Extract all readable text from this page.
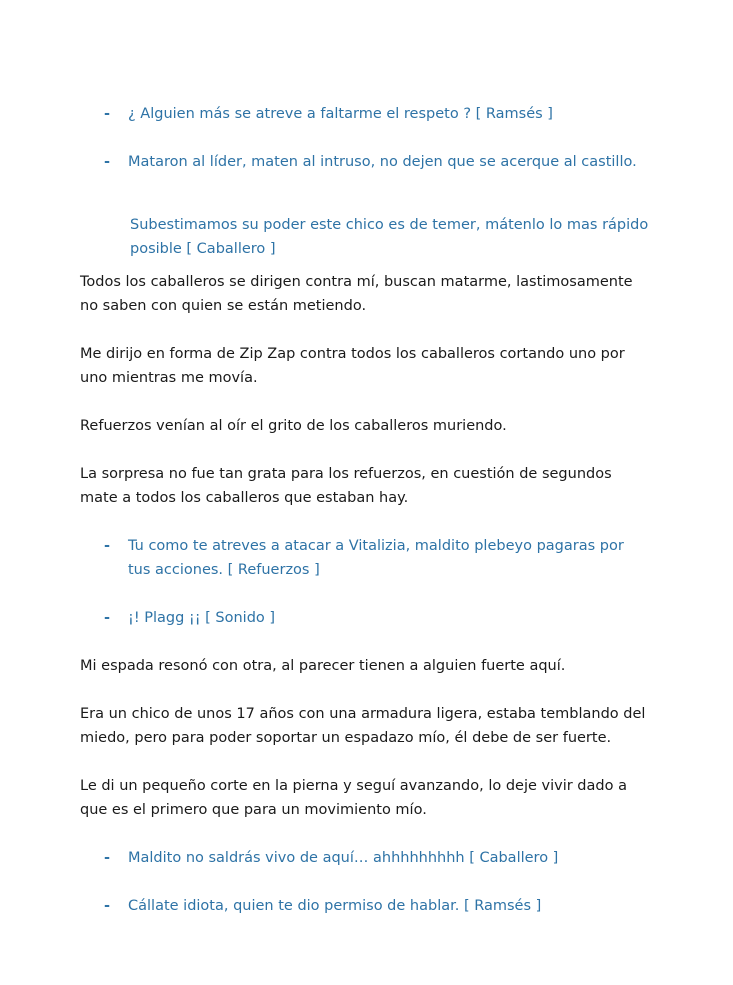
- ¿ Alguien más se atreve a faltarme el respeto ? [ Ramsés ]
- Mataron al líder, maten al intruso, no dejen que se acerque al castillo.

Subestimamos su poder este chico es de temer, mátenlo lo mas rápido posible [ Caballero ]

Todos los caballeros se dirigen contra mí, buscan matarme, lastimosamente no saben con quien se están metiendo.

Me dirijo en forma de Zip Zap contra todos los caballeros cortando uno por uno mientras me movía.

Refuerzos venían al oír el grito de los caballeros muriendo.

La sorpresa no fue tan grata para los refuerzos, en cuestión de segundos mate a todos los caballeros que estaban hay.

- Tu como te atreves a atacar a Vitalizia, maldito plebeyo pagaras por tus acciones. [ Refuerzos ]
- ¡! Plagg ¡¡ [ Sonido ]

Mi espada resonó con otra, al parecer tienen a alguien fuerte aquí.

Era un chico de unos 17 años con una armadura ligera, estaba temblando del miedo, pero para poder soportar un espadazo mío, él debe de ser fuerte.

Le di un pequeño corte en la pierna y seguí avanzando, lo deje vivir dado a que es el primero que para un movimiento mío.

- Maldito no saldrás vivo de aquí… ahhhhhhhhh [ Caballero ]
- Cállate idiota, quien te dio permiso de hablar. [ Ramsés ]
